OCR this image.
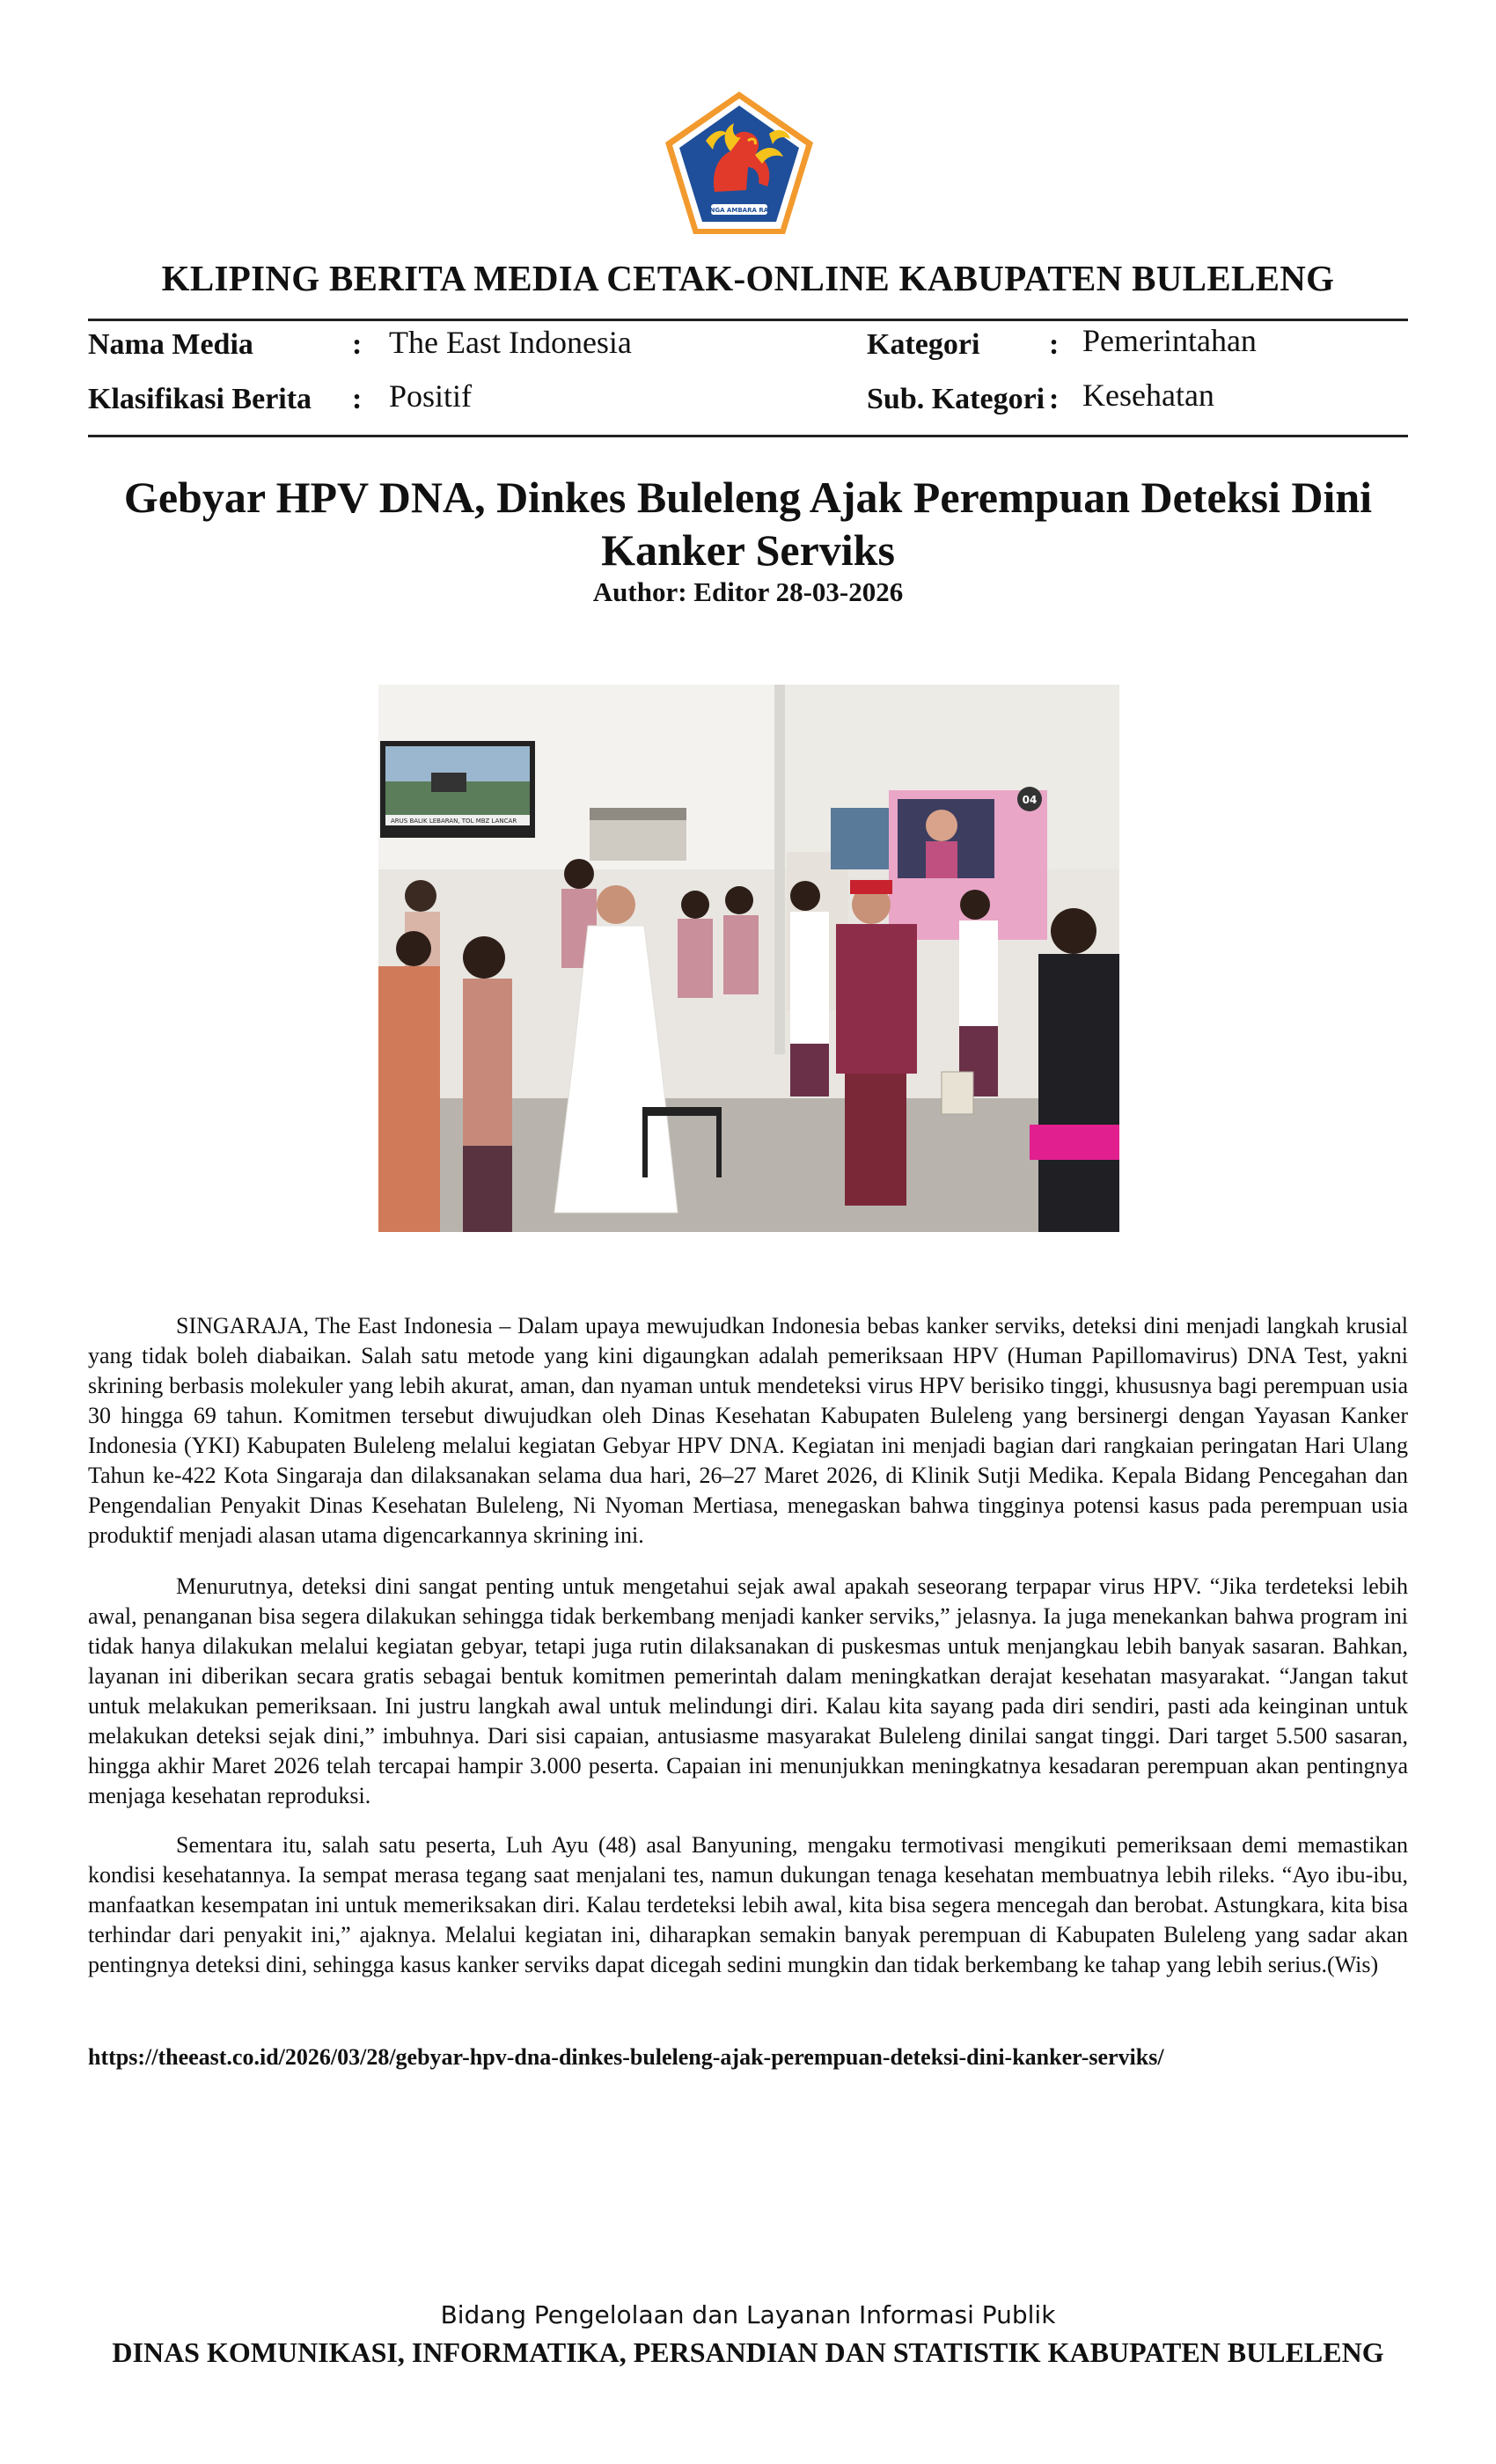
SINGA AMBARA RAJA
KLIPING BERITA MEDIA CETAK-ONLINE KABUPATEN BULELENG
Nama Media	: The East Indonesia	Kategori : Pemerintahan
Klasifikasi Berita : Positif	Sub. Kategori : Kesehatan
Gebyar HPV DNA, Dinkes Buleleng Ajak Perempuan Deteksi Dini Kanker Serviks
Author: Editor 28-03-2026
ARUS BALIK LEBARAN, TOL MBZ LANCAR
04

SINGARAJA, The East Indonesia – Dalam upaya mewujudkan Indonesia bebas kanker serviks, deteksi dini menjadi langkah krusial yang tidak boleh diabaikan. Salah satu metode yang kini digaungkan adalah pemeriksaan HPV (Human Papillomavirus) DNA Test, yakni skrining berbasis molekuler yang lebih akurat, aman, dan nyaman untuk mendeteksi virus HPV berisiko tinggi, khususnya bagi perempuan usia 30 hingga 69 tahun. Komitmen tersebut diwujudkan oleh Dinas Kesehatan Kabupaten Buleleng yang bersinergi dengan Yayasan Kanker Indonesia (YKI) Kabupaten Buleleng melalui kegiatan Gebyar HPV DNA. Kegiatan ini menjadi bagian dari rangkaian peringatan Hari Ulang Tahun ke-422 Kota Singaraja dan dilaksanakan selama dua hari, 26–27 Maret 2026, di Klinik Sutji Medika. Kepala Bidang Pencegahan dan Pengendalian Penyakit Dinas Kesehatan Buleleng, Ni Nyoman Mertiasa, menegaskan bahwa tingginya potensi kasus pada perempuan usia produktif menjadi alasan utama digencarkannya skrining ini.

Menurutnya, deteksi dini sangat penting untuk mengetahui sejak awal apakah seseorang terpapar virus HPV. “Jika terdeteksi lebih awal, penanganan bisa segera dilakukan sehingga tidak berkembang menjadi kanker serviks,” jelasnya. Ia juga menekankan bahwa program ini tidak hanya dilakukan melalui kegiatan gebyar, tetapi juga rutin dilaksanakan di puskesmas untuk menjangkau lebih banyak sasaran. Bahkan, layanan ini diberikan secara gratis sebagai bentuk komitmen pemerintah dalam meningkatkan derajat kesehatan masyarakat. “Jangan takut untuk melakukan pemeriksaan. Ini justru langkah awal untuk melindungi diri. Kalau kita sayang pada diri sendiri, pasti ada keinginan untuk melakukan deteksi sejak dini,” imbuhnya. Dari sisi capaian, antusiasme masyarakat Buleleng dinilai sangat tinggi. Dari target 5.500 sasaran, hingga akhir Maret 2026 telah tercapai hampir 3.000 peserta. Capaian ini menunjukkan meningkatnya kesadaran perempuan akan pentingnya menjaga kesehatan reproduksi.

Sementara itu, salah satu peserta, Luh Ayu (48) asal Banyuning, mengaku termotivasi mengikuti pemeriksaan demi memastikan kondisi kesehatannya. Ia sempat merasa tegang saat menjalani tes, namun dukungan tenaga kesehatan membuatnya lebih rileks. “Ayo ibu-ibu, manfaatkan kesempatan ini untuk memeriksakan diri. Kalau terdeteksi lebih awal, kita bisa segera mencegah dan berobat. Astungkara, kita bisa terhindar dari penyakit ini,” ajaknya. Melalui kegiatan ini, diharapkan semakin banyak perempuan di Kabupaten Buleleng yang sadar akan pentingnya deteksi dini, sehingga kasus kanker serviks dapat dicegah sedini mungkin dan tidak berkembang ke tahap yang lebih serius.(Wis)

https://theeast.co.id/2026/03/28/gebyar-hpv-dna-dinkes-buleleng-ajak-perempuan-deteksi-dini-kanker-serviks/
Bidang Pengelolaan dan Layanan Informasi Publik
DINAS KOMUNIKASI, INFORMATIKA, PERSANDIAN DAN STATISTIK KABUPATEN BULELENG
